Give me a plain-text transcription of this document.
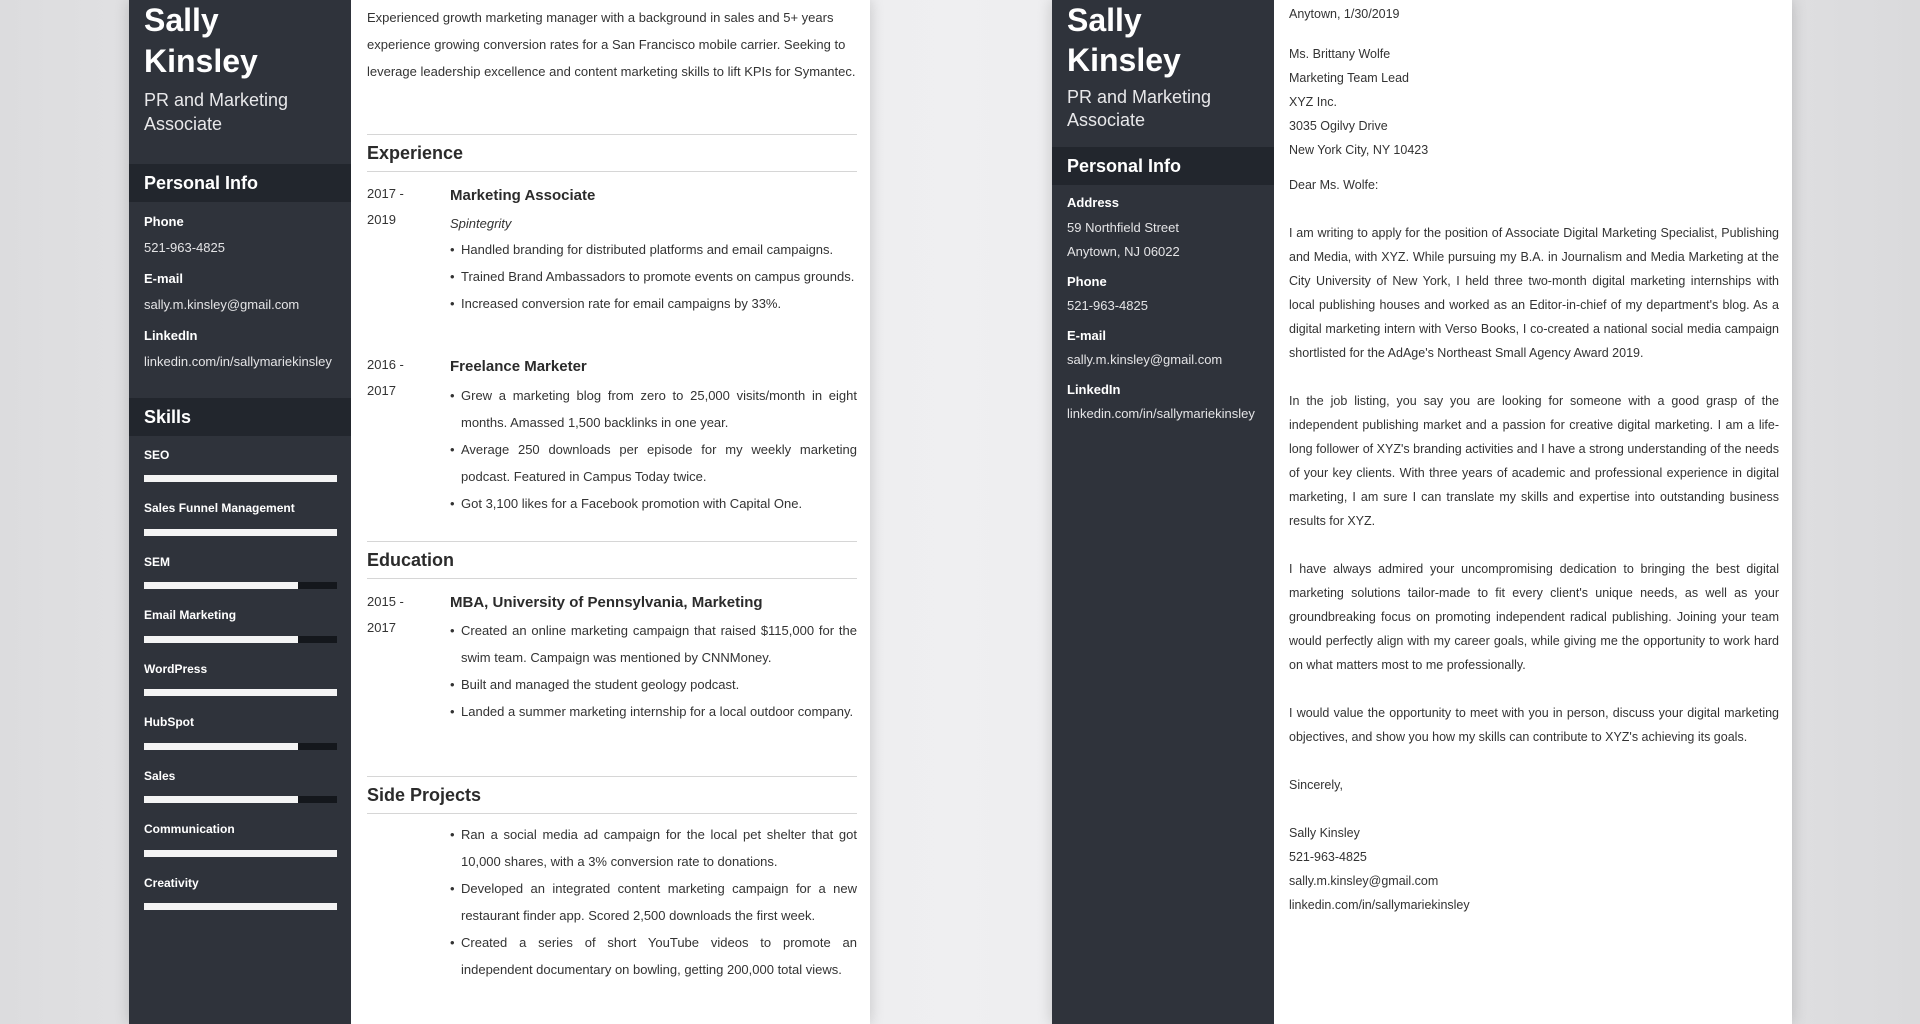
Sally
Kinsley
PR and Marketing Associate
Personal Info
Phone
521-963-4825
E-mail
sally.m.kinsley@gmail.com
LinkedIn
linkedin.com/in/sallymariekinsley
Skills
SEO
Sales Funnel Management
SEM
Email Marketing
WordPress
HubSpot
Sales
Communication
Creativity
Experienced growth marketing manager with a background in sales and 5+ years experience growing conversion rates for a San Francisco mobile carrier. Seeking to leverage leadership excellence and content marketing skills to lift KPIs for Symantec.
Experience
2017 - 2019
Marketing Associate
Spintegrity
• Handled branding for distributed platforms and email campaigns.
• Trained Brand Ambassadors to promote events on campus grounds.
• Increased conversion rate for email campaigns by 33%.
2016 - 2017
Freelance Marketer
• Grew a marketing blog from zero to 25,000 visits/month in eight months. Amassed 1,500 backlinks in one year.
• Average 250 downloads per episode for my weekly marketing podcast. Featured in Campus Today twice.
• Got 3,100 likes for a Facebook promotion with Capital One.
Education
2015 - 2017
MBA, University of Pennsylvania, Marketing
• Created an online marketing campaign that raised $115,000 for the swim team. Campaign was mentioned by CNNMoney.
• Built and managed the student geology podcast.
• Landed a summer marketing internship for a local outdoor company.
Side Projects
• Ran a social media ad campaign for the local pet shelter that got 10,000 shares, with a 3% conversion rate to donations.
• Developed an integrated content marketing campaign for a new restaurant finder app. Scored 2,500 downloads the first week.
• Created a series of short YouTube videos to promote an independent documentary on bowling, getting 200,000 total views.
Sally
Kinsley
PR and Marketing Associate
Personal Info
Address
59 Northfield Street
Anytown, NJ 06022
Phone
521-963-4825
E-mail
sally.m.kinsley@gmail.com
LinkedIn
linkedin.com/in/sallymariekinsley
Anytown, 1/30/2019
Ms. Brittany Wolfe
Marketing Team Lead
XYZ Inc.
3035 Ogilvy Drive
New York City, NY 10423
Dear Ms. Wolfe:

I am writing to apply for the position of Associate Digital Marketing Specialist, Publishing and Media, with XYZ. While pursuing my B.A. in Journalism and Media Marketing at the City University of New York, I held three two-month digital marketing internships with local publishing houses and worked as an Editor-in-chief of my department's blog. As a digital marketing intern with Verso Books, I co-created a national social media campaign shortlisted for the AdAge's Northeast Small Agency Award 2019.

In the job listing, you say you are looking for someone with a good grasp of the independent publishing market and a passion for creative digital marketing. I am a life-long follower of XYZ's branding activities and I have a strong understanding of the needs of your key clients. With three years of academic and professional experience in digital marketing, I am sure I can translate my skills and expertise into outstanding business results for XYZ.

I have always admired your uncompromising dedication to bringing the best digital marketing solutions tailor-made to fit every client's unique needs, as well as your groundbreaking focus on promoting independent radical publishing. Joining your team would perfectly align with my career goals, while giving me the opportunity to work hard on what matters most to me professionally.

I would value the opportunity to meet with you in person, discuss your digital marketing objectives, and show you how my skills can contribute to XYZ's achieving its goals.

Sincerely,
Sally Kinsley
521-963-4825
sally.m.kinsley@gmail.com
linkedin.com/in/sallymariekinsley
